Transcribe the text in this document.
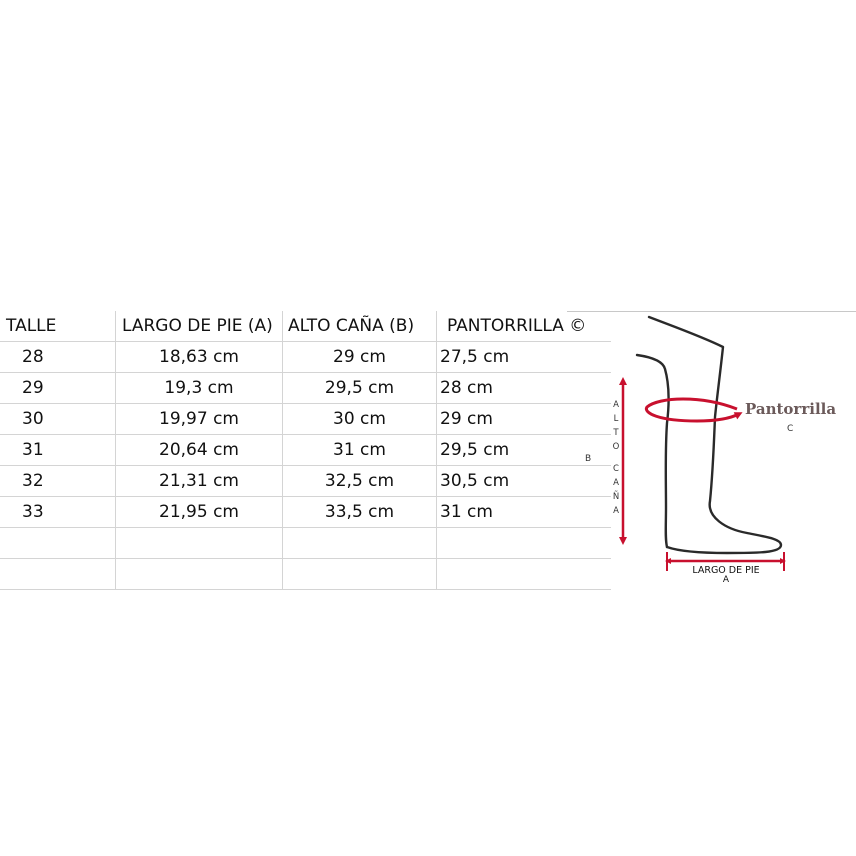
TALLE	LARGO DE PIE (A)	ALTO CAÑA (B)	PANTORRILLA ©
28	18,63 cm	29 cm	27,5 cm
29	19,3 cm	29,5 cm	28 cm
30	19,97 cm	30 cm	29 cm
31	20,64 cm	31 cm	29,5 cm
32	21,31 cm	32,5 cm	30,5 cm
33	21,95 cm	33,5 cm	31 cm

Pantorrilla
C
A
L
T
O
C
A
Ñ
A
B
LARGO DE PIE
A
